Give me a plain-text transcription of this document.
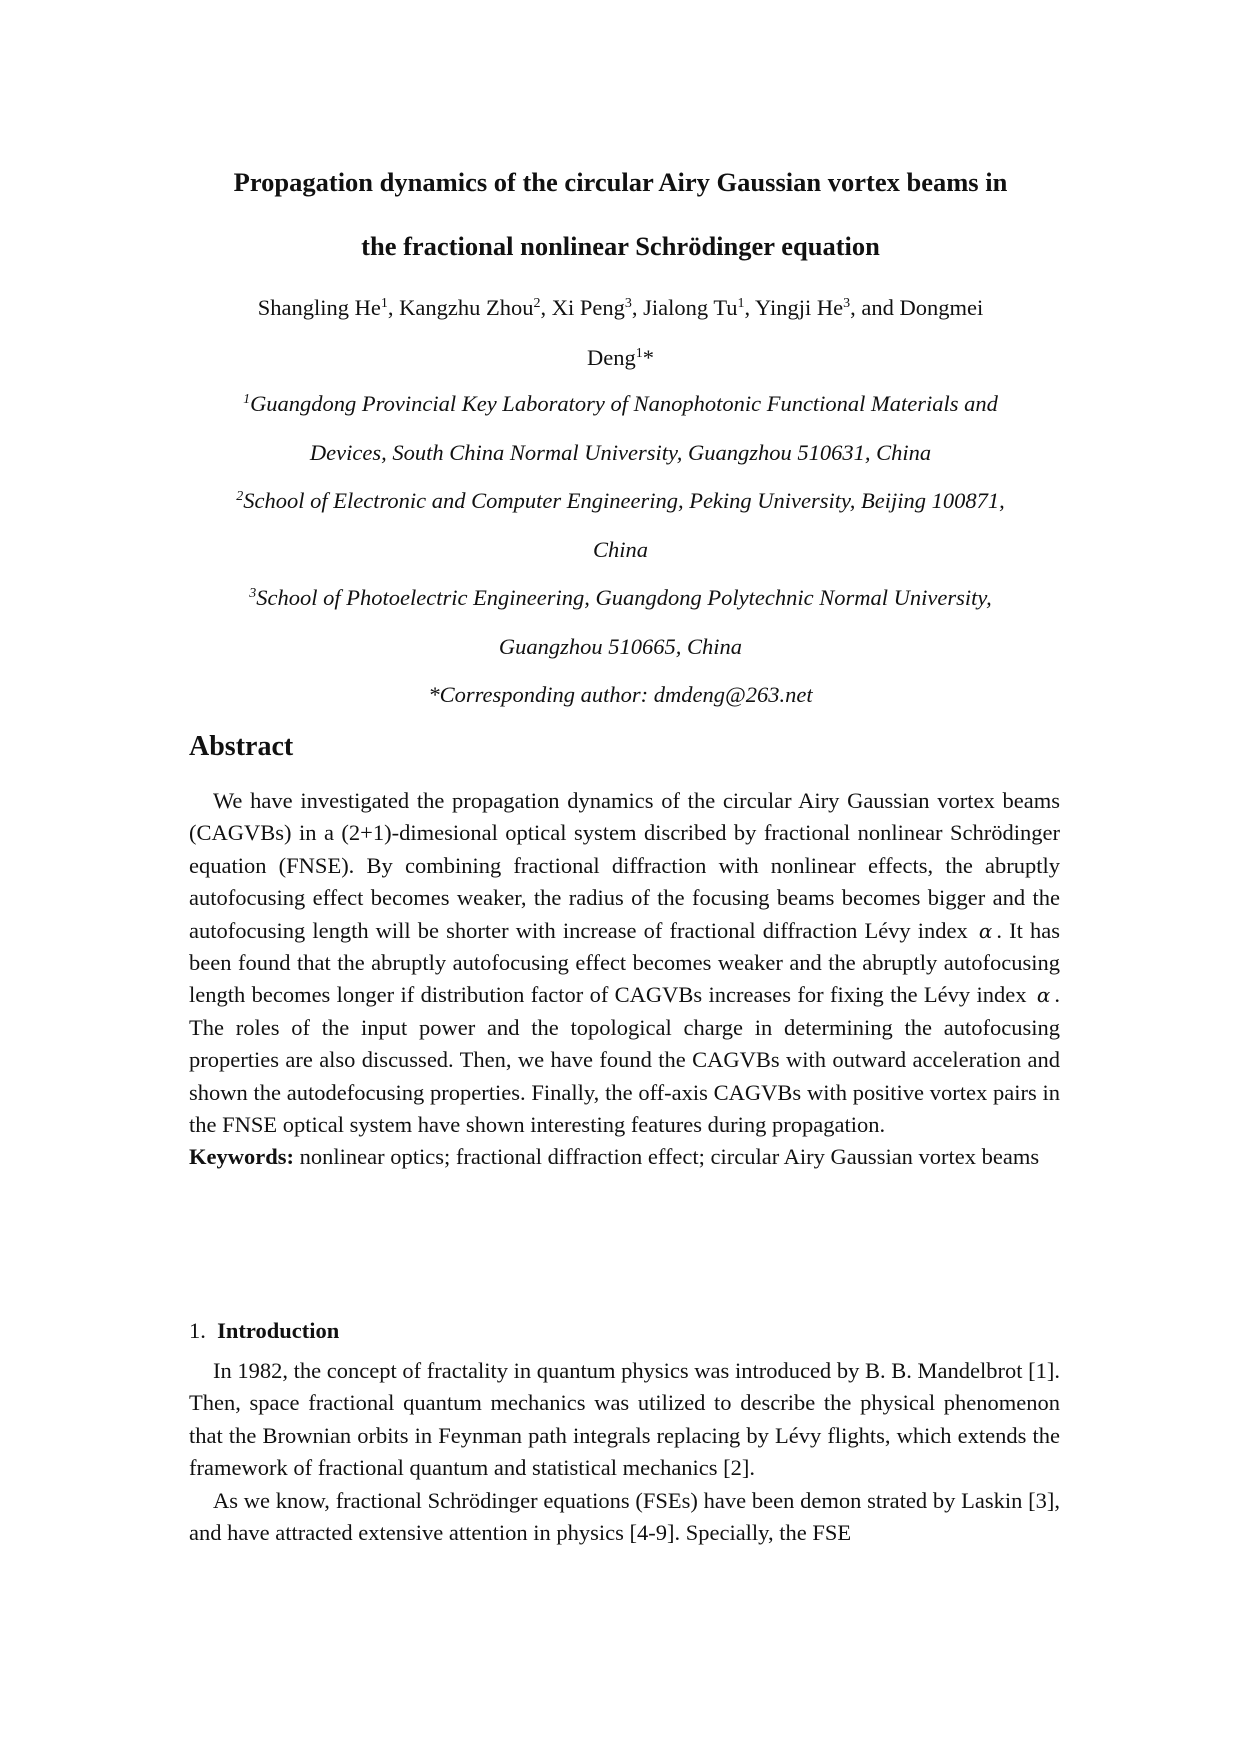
Propagation dynamics of the circular Airy Gaussian vortex beams in
the fractional nonlinear Schrödinger equation
Shangling He$^1$, Kangzhu Zhou$^2$, Xi Peng$^3$, Jialong Tu$^1$, Yingji He$^3$, and Dongmei
Deng$^1$*
$^1$Guangdong Provincial Key Laboratory of Nanophotonic Functional Materials and
Devices, South China Normal University, Guangzhou 510631, China
$^2$School of Electronic and Computer Engineering, Peking University, Beijing 100871,
China
$^3$School of Photoelectric Engineering, Guangdong Polytechnic Normal University,
Guangzhou 510665, China
*Corresponding author: dmdeng@263.net
Abstract

We have investigated the propagation dynamics of the circular Airy Gaussian vortex beams (CAGVBs) in a (2+1)-dimesional optical system discribed by fractional nonlinear Schrödinger equation (FNSE). By combining fractional diffraction with nonlinear effects, the abruptly autofocusing effect becomes weaker, the radius of the focusing beams becomes bigger and the autofocusing length will be shorter with increase of fractional diffraction Lévy index α . It has been found that the abruptly autofocusing effect becomes weaker and the abruptly autofocusing length becomes longer if distribution factor of CAGVBs increases for fixing the Lévy index α . The roles of the input power and the topological charge in determining the autofocusing properties are also discussed. Then, we have found the CAGVBs with outward acceleration and shown the autodefocusing properties. Finally, the off-axis CAGVBs with positive vortex pairs in the FNSE optical system have shown interesting features during propagation.

Keywords: nonlinear optics; fractional diffraction effect; circular Airy Gaussian vortex beams

1. Introduction

In 1982, the concept of fractality in quantum physics was introduced by B. B. Mandelbrot [1]. Then, space fractional quantum mechanics was utilized to describe the physical phenomenon that the Brownian orbits in Feynman path integrals replacing by Lévy flights, which extends the framework of fractional quantum and statistical mechanics [2].

As we know, fractional Schrödinger equations (FSEs) have been demon strated by Laskin [3], and have attracted extensive attention in physics [4-9]. Specially, the FSE
